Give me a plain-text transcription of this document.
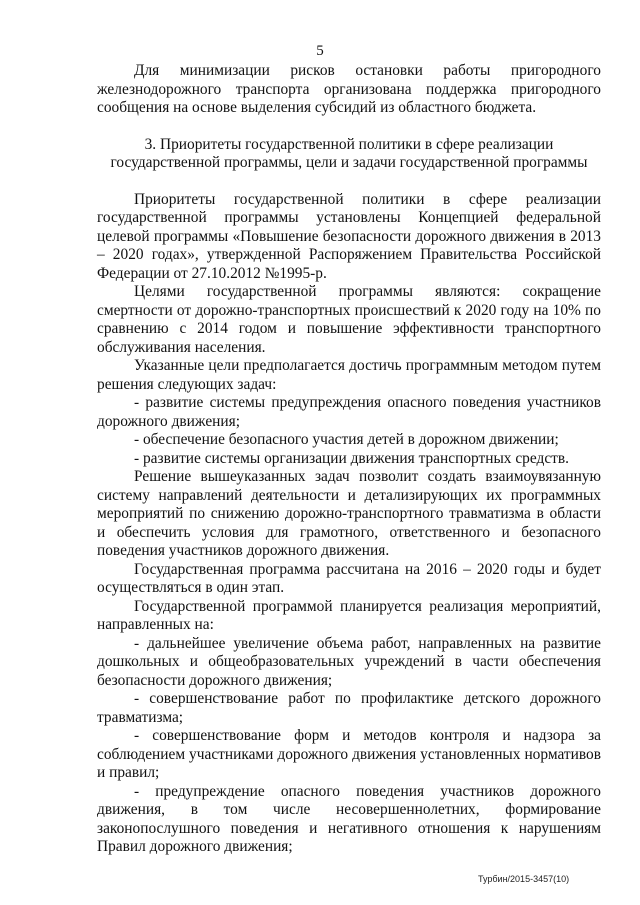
5

Для минимизации рисков остановки работы пригородного железнодорожного транспорта организована поддержка пригородного сообщения на основе выделения субсидий из областного бюджета.

3. Приоритеты государственной политики в сфере реализации

государственной программы, цели и задачи государственной программы

Приоритеты государственной политики в сфере реализации государственной программы установлены Концепцией федеральной целевой программы «Повышение безопасности дорожного движения в 2013 – 2020 годах», утвержденной Распоряжением Правительства Российской Федерации от 27.10.2012 №1995-р.

Целями государственной программы являются: сокращение смертности от дорожно-транспортных происшествий к 2020 году на 10% по сравнению с 2014 годом и повышение эффективности транспортного обслуживания населения.

Указанные цели предполагается достичь программным методом путем решения следующих задач:

- развитие системы предупреждения опасного поведения участников дорожного движения;

- обеспечение безопасного участия детей в дорожном движении;

- развитие системы организации движения транспортных средств.

Решение вышеуказанных задач позволит создать взаимоувязанную систему направлений деятельности и детализирующих их программных мероприятий по снижению дорожно-транспортного травматизма в области и обеспечить условия для грамотного, ответственного и безопасного поведения участников дорожного движения.

Государственная программа рассчитана на 2016 – 2020 годы и будет осуществляться в один этап.

Государственной программой планируется реализация мероприятий, направленных на:

- дальнейшее увеличение объема работ, направленных на развитие дошкольных и общеобразовательных учреждений в части обеспечения безопасности дорожного движения;

- совершенствование работ по профилактике детского дорожного травматизма;

- совершенствование форм и методов контроля и надзора за соблюдением участниками дорожного движения установленных нормативов и правил;

- предупреждение опасного поведения участников дорожного движения, в том числе несовершеннолетних, формирование законопослушного поведения и негативного отношения к нарушениям Правил дорожного движения;

Турбин/2015-3457(10)
